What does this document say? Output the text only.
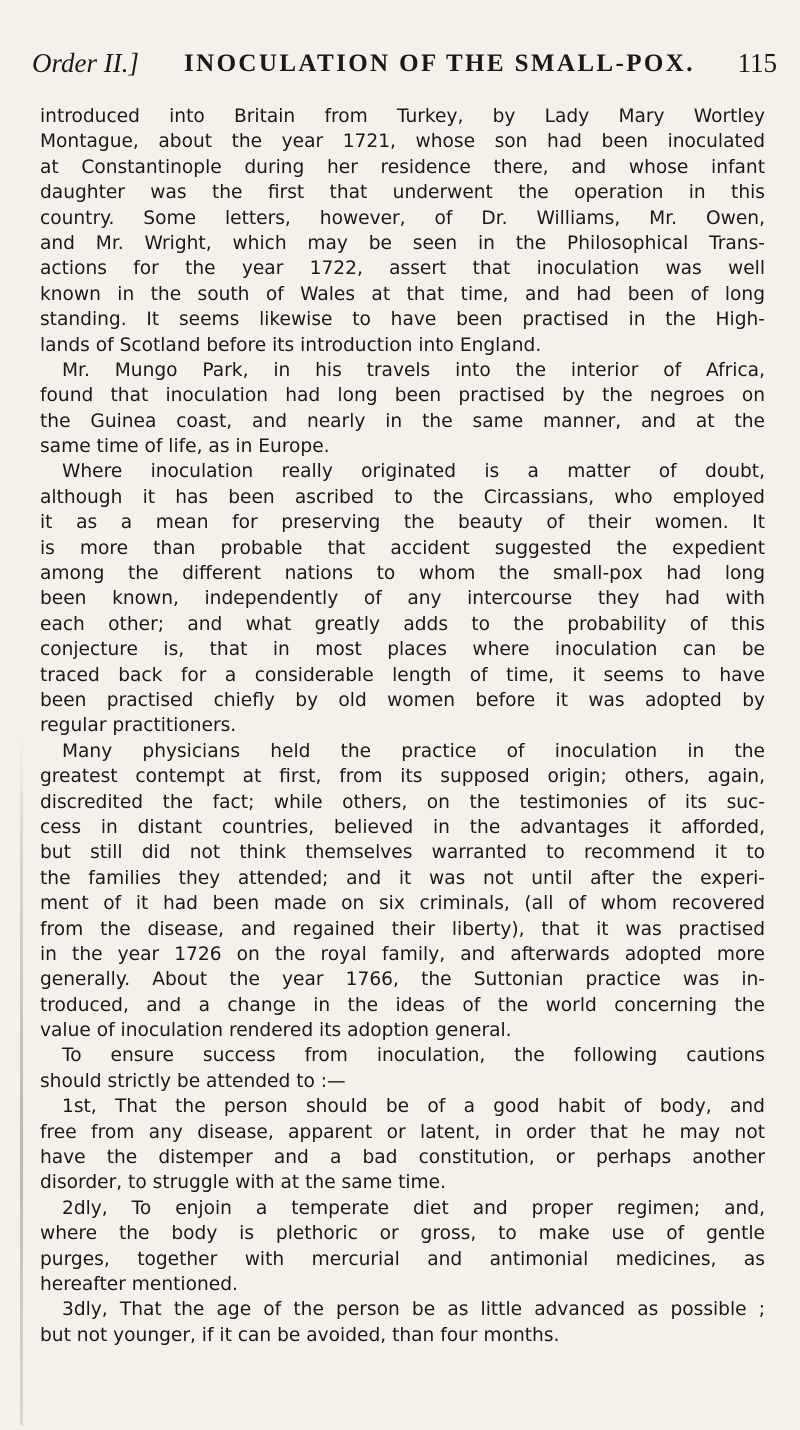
Order II.] INOCULATION OF THE SMALL-POX. 115
introduced into Britain from Turkey, by Lady Mary Wortley
Montague, about the year 1721, whose son had been inoculated
at Constantinople during her residence there, and whose infant
daughter was the first that underwent the operation in this
country. Some letters, however, of Dr. Williams, Mr. Owen,
and Mr. Wright, which may be seen in the Philosophical Trans-
actions for the year 1722, assert that inoculation was well
known in the south of Wales at that time, and had been of long
standing. It seems likewise to have been practised in the High-
lands of Scotland before its introduction into England.
Mr. Mungo Park, in his travels into the interior of Africa,
found that inoculation had long been practised by the negroes on
the Guinea coast, and nearly in the same manner, and at the
same time of life, as in Europe.
Where inoculation really originated is a matter of doubt,
although it has been ascribed to the Circassians, who employed
it as a mean for preserving the beauty of their women. It
is more than probable that accident suggested the expedient
among the different nations to whom the small-pox had long
been known, independently of any intercourse they had with
each other; and what greatly adds to the probability of this
conjecture is, that in most places where inoculation can be
traced back for a considerable length of time, it seems to have
been practised chiefly by old women before it was adopted by
regular practitioners.
Many physicians held the practice of inoculation in the
greatest contempt at first, from its supposed origin; others, again,
discredited the fact; while others, on the testimonies of its suc-
cess in distant countries, believed in the advantages it afforded,
but still did not think themselves warranted to recommend it to
the families they attended; and it was not until after the experi-
ment of it had been made on six criminals, (all of whom recovered
from the disease, and regained their liberty), that it was practised
in the year 1726 on the royal family, and afterwards adopted more
generally. About the year 1766, the Suttonian practice was in-
troduced, and a change in the ideas of the world concerning the
value of inoculation rendered its adoption general.
To ensure success from inoculation, the following cautions
should strictly be attended to :—
1st, That the person should be of a good habit of body, and
free from any disease, apparent or latent, in order that he may not
have the distemper and a bad constitution, or perhaps another
disorder, to struggle with at the same time.
2dly, To enjoin a temperate diet and proper regimen; and,
where the body is plethoric or gross, to make use of gentle
purges, together with mercurial and antimonial medicines, as
hereafter mentioned.
3dly, That the age of the person be as little advanced as possible ;
but not younger, if it can be avoided, than four months.
